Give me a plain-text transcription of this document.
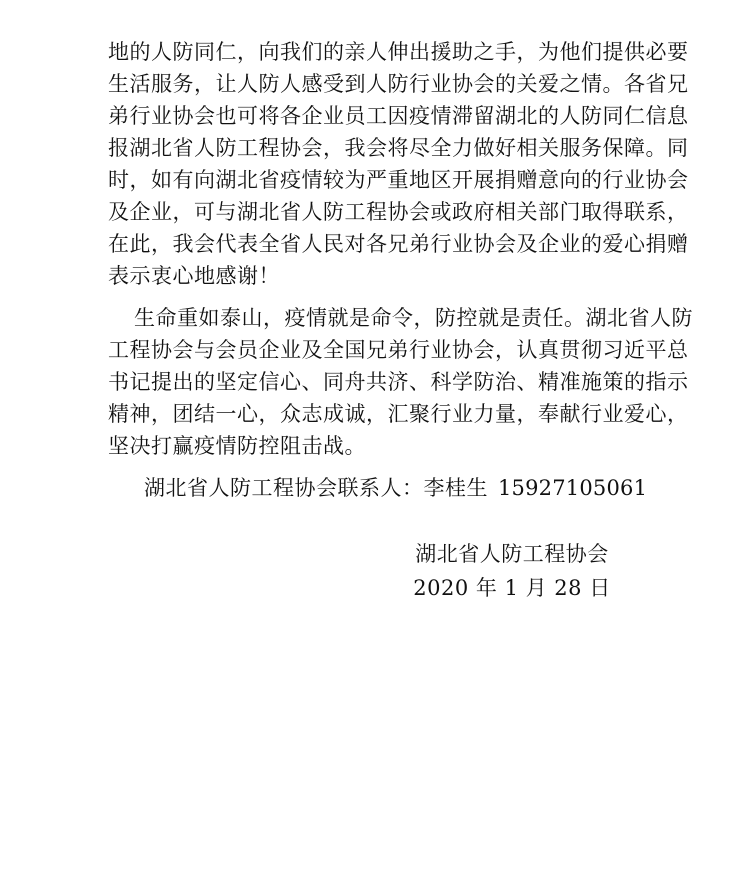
地的人防同仁，向我们的亲人伸出援助之手，为他们提供必要
生活服务，让人防人感受到人防行业协会的关爱之情。各省兄
弟行业协会也可将各企业员工因疫情滞留湖北的人防同仁信息
报湖北省人防工程协会，我会将尽全力做好相关服务保障。同
时，如有向湖北省疫情较为严重地区开展捐赠意向的行业协会
及企业，可与湖北省人防工程协会或政府相关部门取得联系，
在此，我会代表全省人民对各兄弟行业协会及企业的爱心捐赠
表示衷心地感谢！
生命重如泰山，疫情就是命令，防控就是责任。湖北省人防
工程协会与会员企业及全国兄弟行业协会，认真贯彻习近平总
书记提出的坚定信心、同舟共济、科学防治、精准施策的指示
精神，团结一心，众志成诚，汇聚行业力量，奉献行业爱心，
坚决打赢疫情防控阻击战。
湖北省人防工程协会联系人：李桂生 15927105061
湖北省人防工程协会
2020 年 1 月 28 日
